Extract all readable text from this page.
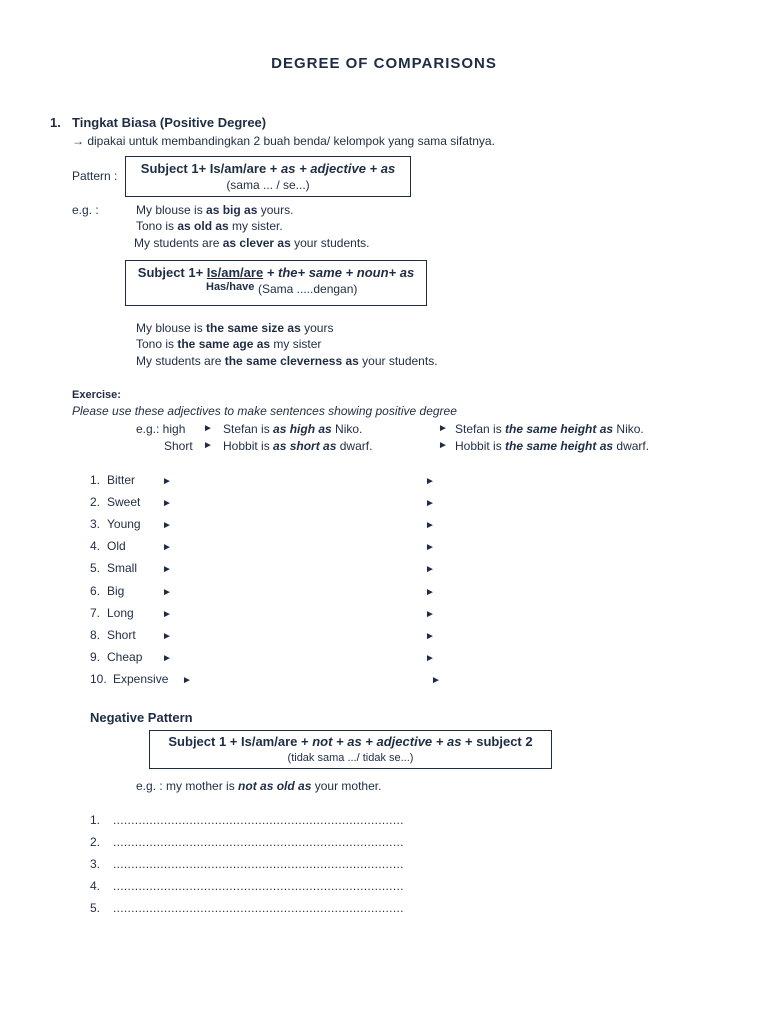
DEGREE OF COMPARISONS
1. Tingkat Biasa (Positive Degree)
→ dipakai untuk membandingkan 2 buah benda/ kelompok yang sama sifatnya.
Pattern :	Subject 1+ Is/am/are + as + adjective + as
(sama ... / se...)
e.g. :	My blouse is as big as yours.
Tono is as old as my sister.
My students are as clever as your students.
Subject 1+ Is/am/are + the+ same + noun+ as
Has/have (Sama .....dengan)
My blouse is the same size as yours
Tono is the same age as my sister
My students are the same cleverness as your students.
Exercise:
Please use these adjectives to make sentences showing positive degree
e.g.: high ► Stefan is as high as Niko.	► Stefan is the same height as Niko.
Short ► Hobbit is as short as dwarf.	► Hobbit is the same height as dwarf.
1. Bitter	►	►
2. Sweet ►	►
3. Young ►	►
4. Old	►	►
5. Small ►	►
6. Big	►	►
7. Long	►	►
8. Short	►	►
9. Cheap ►	►
10. Expensive ►	►
Negative Pattern
Subject 1 + Is/am/are + not + as + adjective + as + subject 2
(tidak sama .../ tidak se...)
e.g. : my mother is not as old as your mother.
1. ................................................................................
2. ................................................................................
3. ................................................................................
4. ................................................................................
5. ................................................................................
